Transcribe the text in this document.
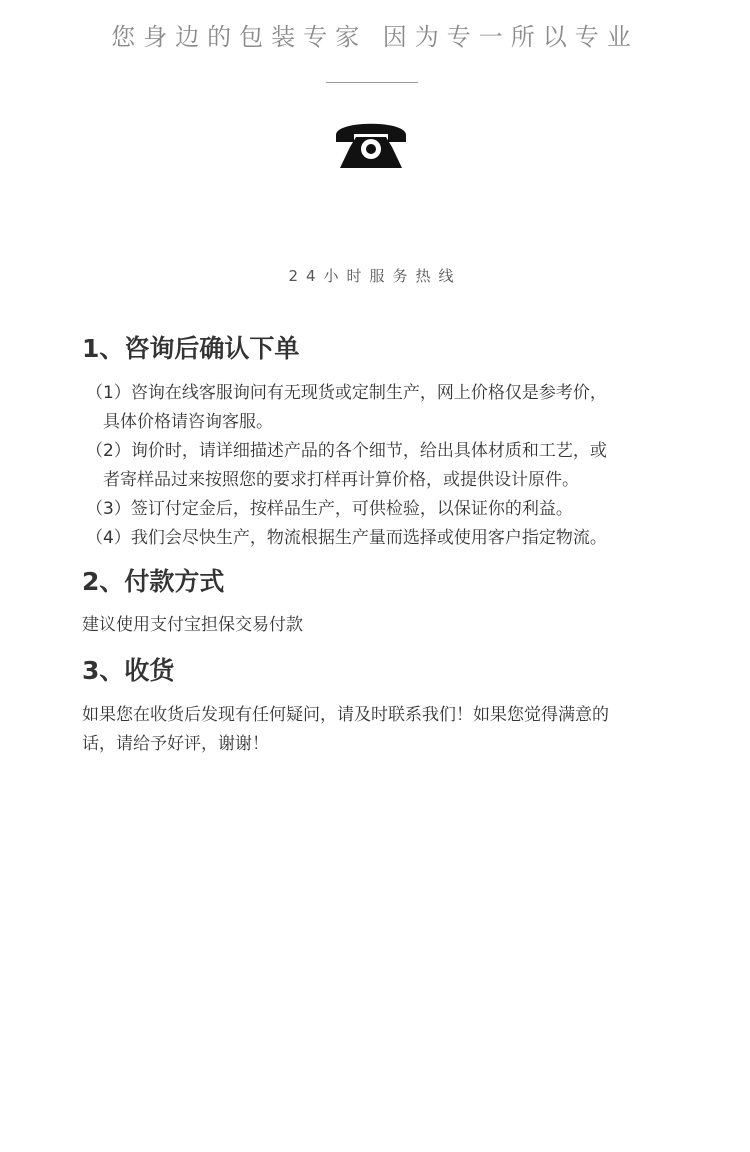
您身边的包装专家 因为专一所以专业
24小时服务热线
1、咨询后确认下单
（1）咨询在线客服询问有无现货或定制生产，网上价格仅是参考价，
　具体价格请咨询客服。
（2）询价时，请详细描述产品的各个细节，给出具体材质和工艺，或
　者寄样品过来按照您的要求打样再计算价格，或提供设计原件。
（3）签订付定金后，按样品生产，可供检验，以保证你的利益。
（4）我们会尽快生产，物流根据生产量而选择或使用客户指定物流。
2、付款方式
建议使用支付宝担保交易付款
3、收货
如果您在收货后发现有任何疑问，请及时联系我们！如果您觉得满意的
话，请给予好评，谢谢！
